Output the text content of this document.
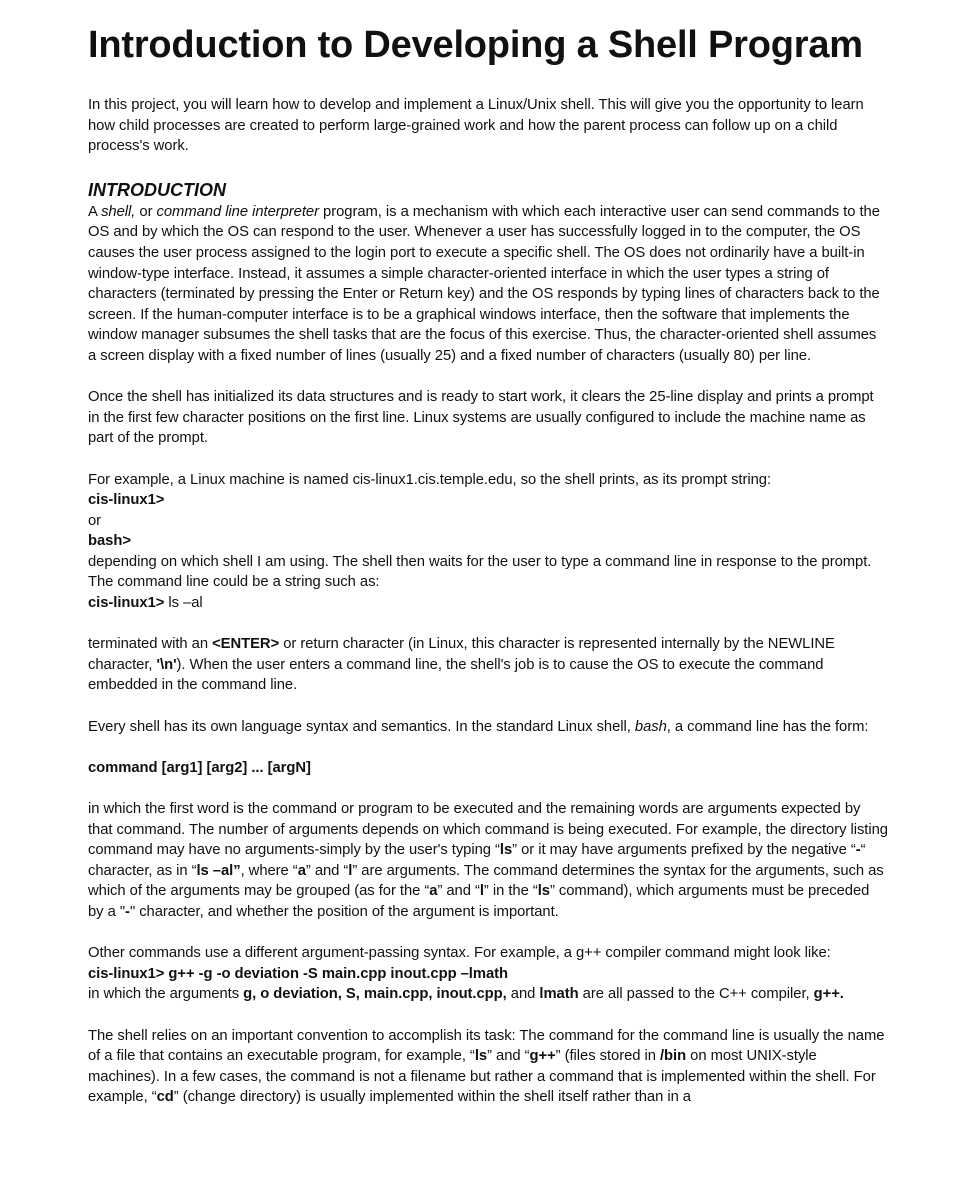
Introduction to Developing a Shell Program

In this project, you will learn how to develop and implement a Linux/Unix shell. This will give you the opportunity to learn how child processes are created to perform large-grained work and how the parent process can follow up on a child process's work.

INTRODUCTION

A shell, or command line interpreter program, is a mechanism with which each interactive user can send commands to the OS and by which the OS can respond to the user. Whenever a user has successfully logged in to the computer, the OS causes the user process assigned to the login port to execute a specific shell. The OS does not ordinarily have a built-in window-type interface. Instead, it assumes a simple character-oriented interface in which the user types a string of characters (terminated by pressing the Enter or Return key) and the OS responds by typing lines of characters back to the screen. If the human-computer interface is to be a graphical windows interface, then the software that implements the window manager subsumes the shell tasks that are the focus of this exercise. Thus, the character-oriented shell assumes a screen display with a fixed number of lines (usually 25) and a fixed number of characters (usually 80) per line.

Once the shell has initialized its data structures and is ready to start work, it clears the 25-line display and prints a prompt in the first few character positions on the first line. Linux systems are usually configured to include the machine name as part of the prompt.

For example, a Linux machine is named cis-linux1.cis.temple.edu, so the shell prints, as its prompt string:
cis-linux1>
or
bash>
depending on which shell I am using. The shell then waits for the user to type a command line in response to the prompt. The command line could be a string such as:
cis-linux1> ls –al

terminated with an <ENTER> or return character (in Linux, this character is represented internally by the NEWLINE character, '\n'). When the user enters a command line, the shell's job is to cause the OS to execute the command embedded in the command line.

Every shell has its own language syntax and semantics. In the standard Linux shell, bash, a command line has the form:

command [arg1] [arg2] ... [argN]

in which the first word is the command or program to be executed and the remaining words are arguments expected by that command. The number of arguments depends on which command is being executed. For example, the directory listing command may have no arguments-simply by the user's typing “ls” or it may have arguments prefixed by the negative “-“ character, as in “ls –al”, where “a” and “l” are arguments. The command determines the syntax for the arguments, such as which of the arguments may be grouped (as for the “a” and “l” in the “ls” command), which arguments must be preceded by a "-" character, and whether the position of the argument is important.

Other commands use a different argument-passing syntax. For example, a g++ compiler command might look like:
cis-linux1> g++ -g -o deviation -S main.cpp inout.cpp –lmath
in which the arguments g, o deviation, S, main.cpp, inout.cpp, and lmath are all passed to the C++ compiler, g++.

The shell relies on an important convention to accomplish its task: The command for the command line is usually the name of a file that contains an executable program, for example, “ls” and “g++” (files stored in /bin on most UNIX-style machines). In a few cases, the command is not a filename but rather a command that is implemented within the shell. For example, “cd” (change directory) is usually implemented within the shell itself rather than in a
